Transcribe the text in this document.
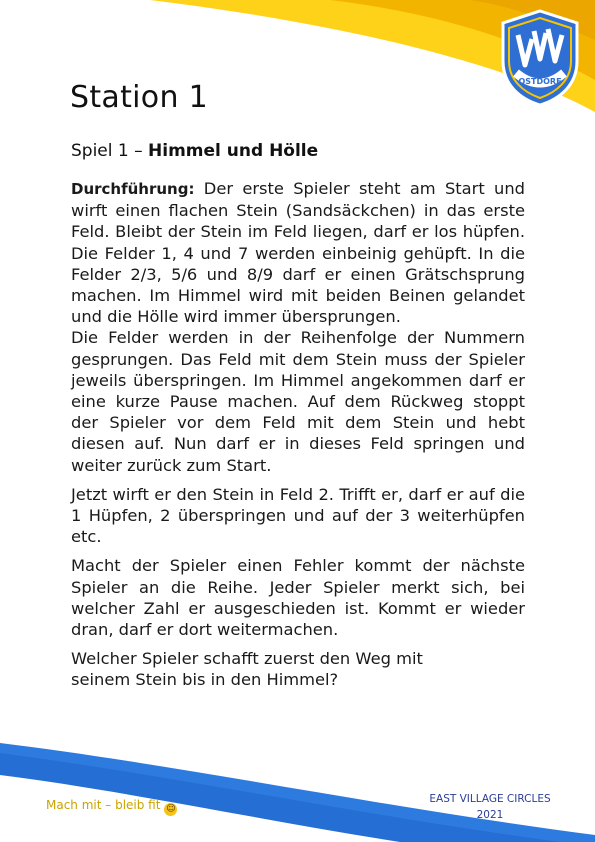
OSTDORF
Station 1
Spiel 1 – Himmel und Hölle

Durchführung: Der erste Spieler steht am Start und wirft einen flachen Stein (Sandsäckchen) in das erste Feld. Bleibt der Stein im Feld liegen, darf er los hüpfen. Die Felder 1, 4 und 7 werden einbeinig gehüpft. In die Felder 2/3, 5/6 und 8/9 darf er einen Grätschsprung machen. Im Himmel wird mit beiden Beinen gelandet und die Hölle wird immer übersprungen.

Die Felder werden in der Reihenfolge der Nummern gesprungen. Das Feld mit dem Stein muss der Spieler jeweils überspringen. Im Himmel angekommen darf er eine kurze Pause machen. Auf dem Rückweg stoppt der Spieler vor dem Feld mit dem Stein und hebt diesen auf. Nun darf er in dieses Feld springen und weiter zurück zum Start.

Jetzt wirft er den Stein in Feld 2. Trifft er, darf er auf die 1 Hüpfen, 2 überspringen und auf der 3 weiterhüpfen etc.

Macht der Spieler einen Fehler kommt der nächste Spieler an die Reihe. Jeder Spieler merkt sich, bei welcher Zahl er ausgeschieden ist. Kommt er wieder dran, darf er dort weitermachen.

Welcher Spieler schafft zuerst den Weg mit seinem Stein bis in den Himmel?

Mach mit – bleib fit ☺
EAST VILLAGE CIRCLES
2021
